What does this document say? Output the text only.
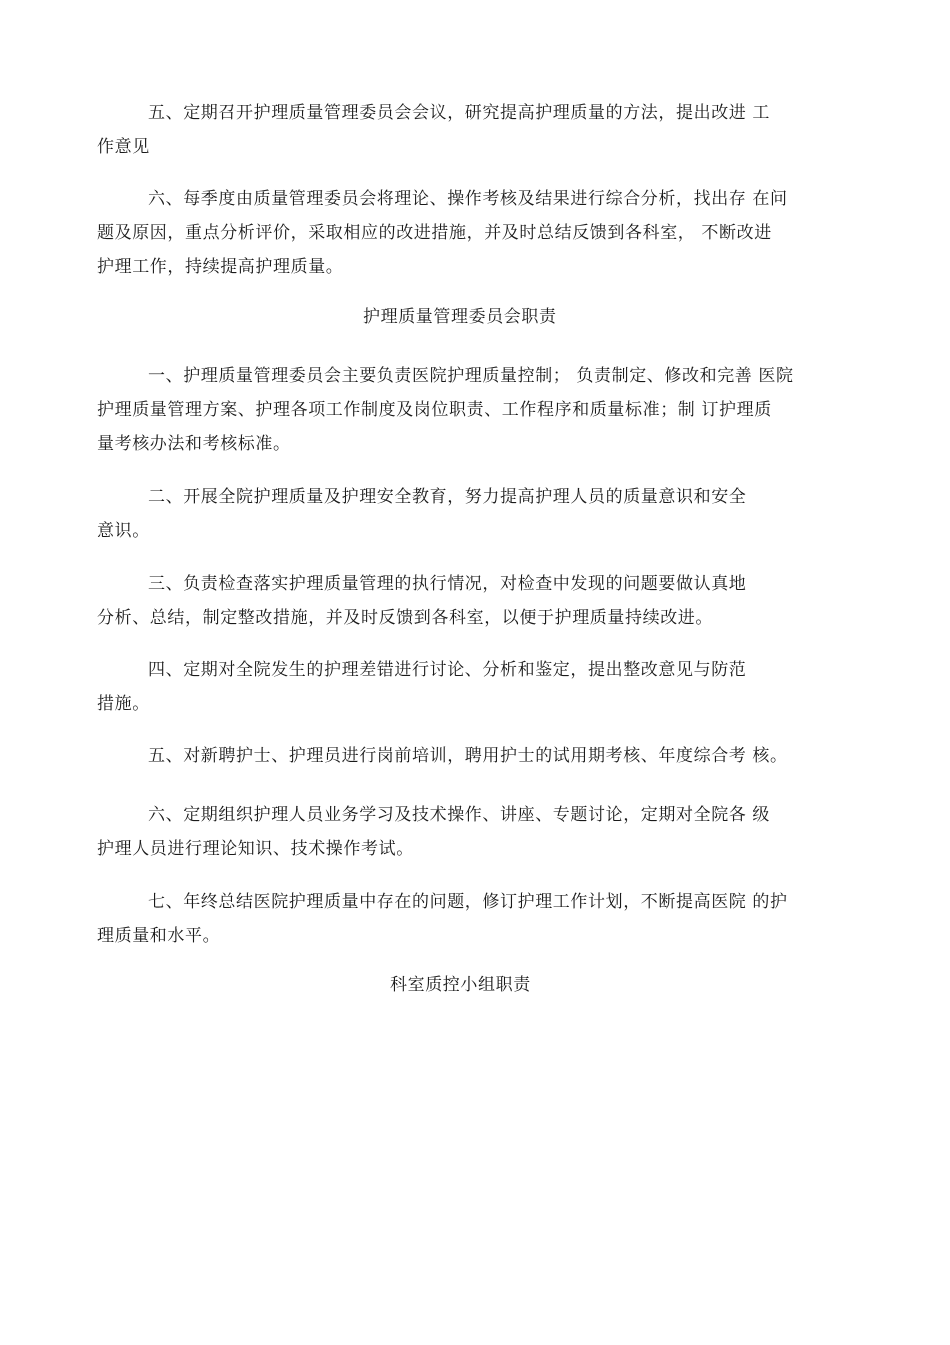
五、定期召开护理质量管理委员会会议，研究提高护理质量的方法，提出改进 工
作意见
六、每季度由质量管理委员会将理论、操作考核及结果进行综合分析，找出存 在问
题及原因，重点分析评价，采取相应的改进措施，并及时总结反馈到各科室， 不断改进
护理工作，持续提高护理质量。
护理质量管理委员会职责
一、护理质量管理委员会主要负责医院护理质量控制； 负责制定、修改和完善 医院
护理质量管理方案、护理各项工作制度及岗位职责、工作程序和质量标准；制 订护理质
量考核办法和考核标准。
二、开展全院护理质量及护理安全教育，努力提高护理人员的质量意识和安全
意识。
三、负责检查落实护理质量管理的执行情况，对检查中发现的问题要做认真地
分析、总结，制定整改措施，并及时反馈到各科室，以便于护理质量持续改进。
四、定期对全院发生的护理差错进行讨论、分析和鉴定，提出整改意见与防范
措施。
五、对新聘护士、护理员进行岗前培训，聘用护士的试用期考核、年度综合考 核。
六、定期组织护理人员业务学习及技术操作、讲座、专题讨论，定期对全院各 级
护理人员进行理论知识、技术操作考试。
七、年终总结医院护理质量中存在的问题，修订护理工作计划，不断提高医院 的护
理质量和水平。
科室质控小组职责
